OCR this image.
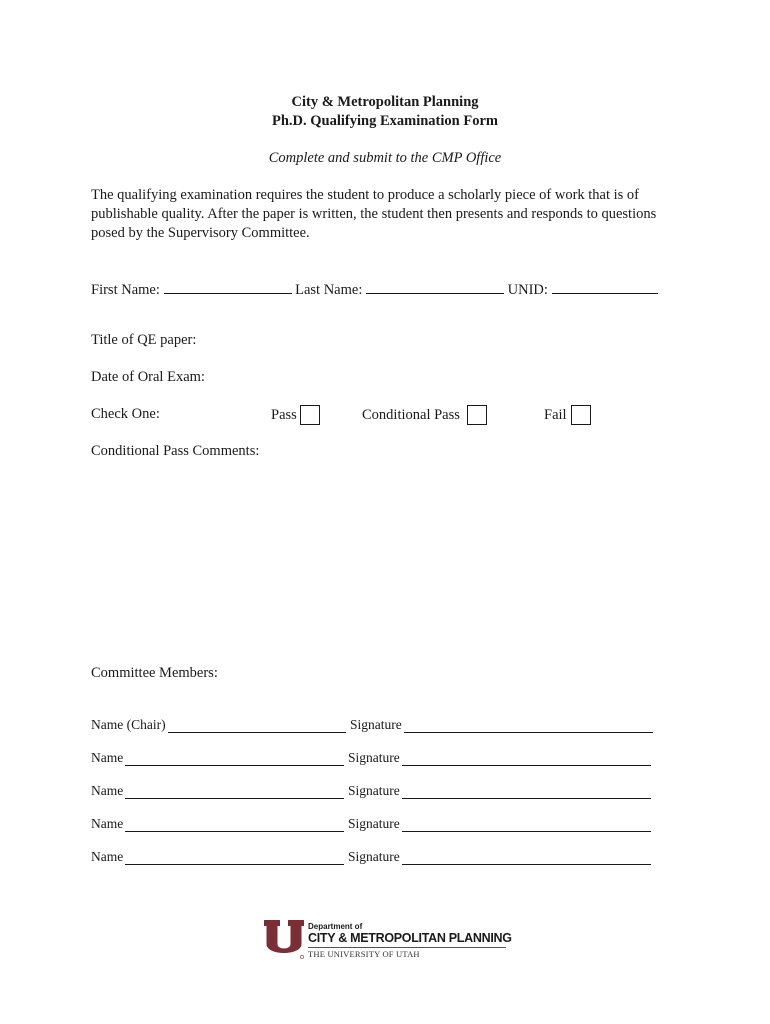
City & Metropolitan Planning
Ph.D. Qualifying Examination Form
Complete and submit to the CMP Office
The qualifying examination requires the student to produce a scholarly piece of work that is of publishable quality. After the paper is written, the student then presents and responds to questions posed by the Supervisory Committee.
First Name:	Last Name:	UNID:
Title of QE paper:
Date of Oral Exam:
Check One:	Pass	Conditional Pass	Fail
Conditional Pass Comments:
Committee Members:
Name (Chair)	Signature
Name	Signature
Name	Signature
Name	Signature
Name	Signature
Department of
CITY & METROPOLITAN PLANNING
THE UNIVERSITY OF UTAH
